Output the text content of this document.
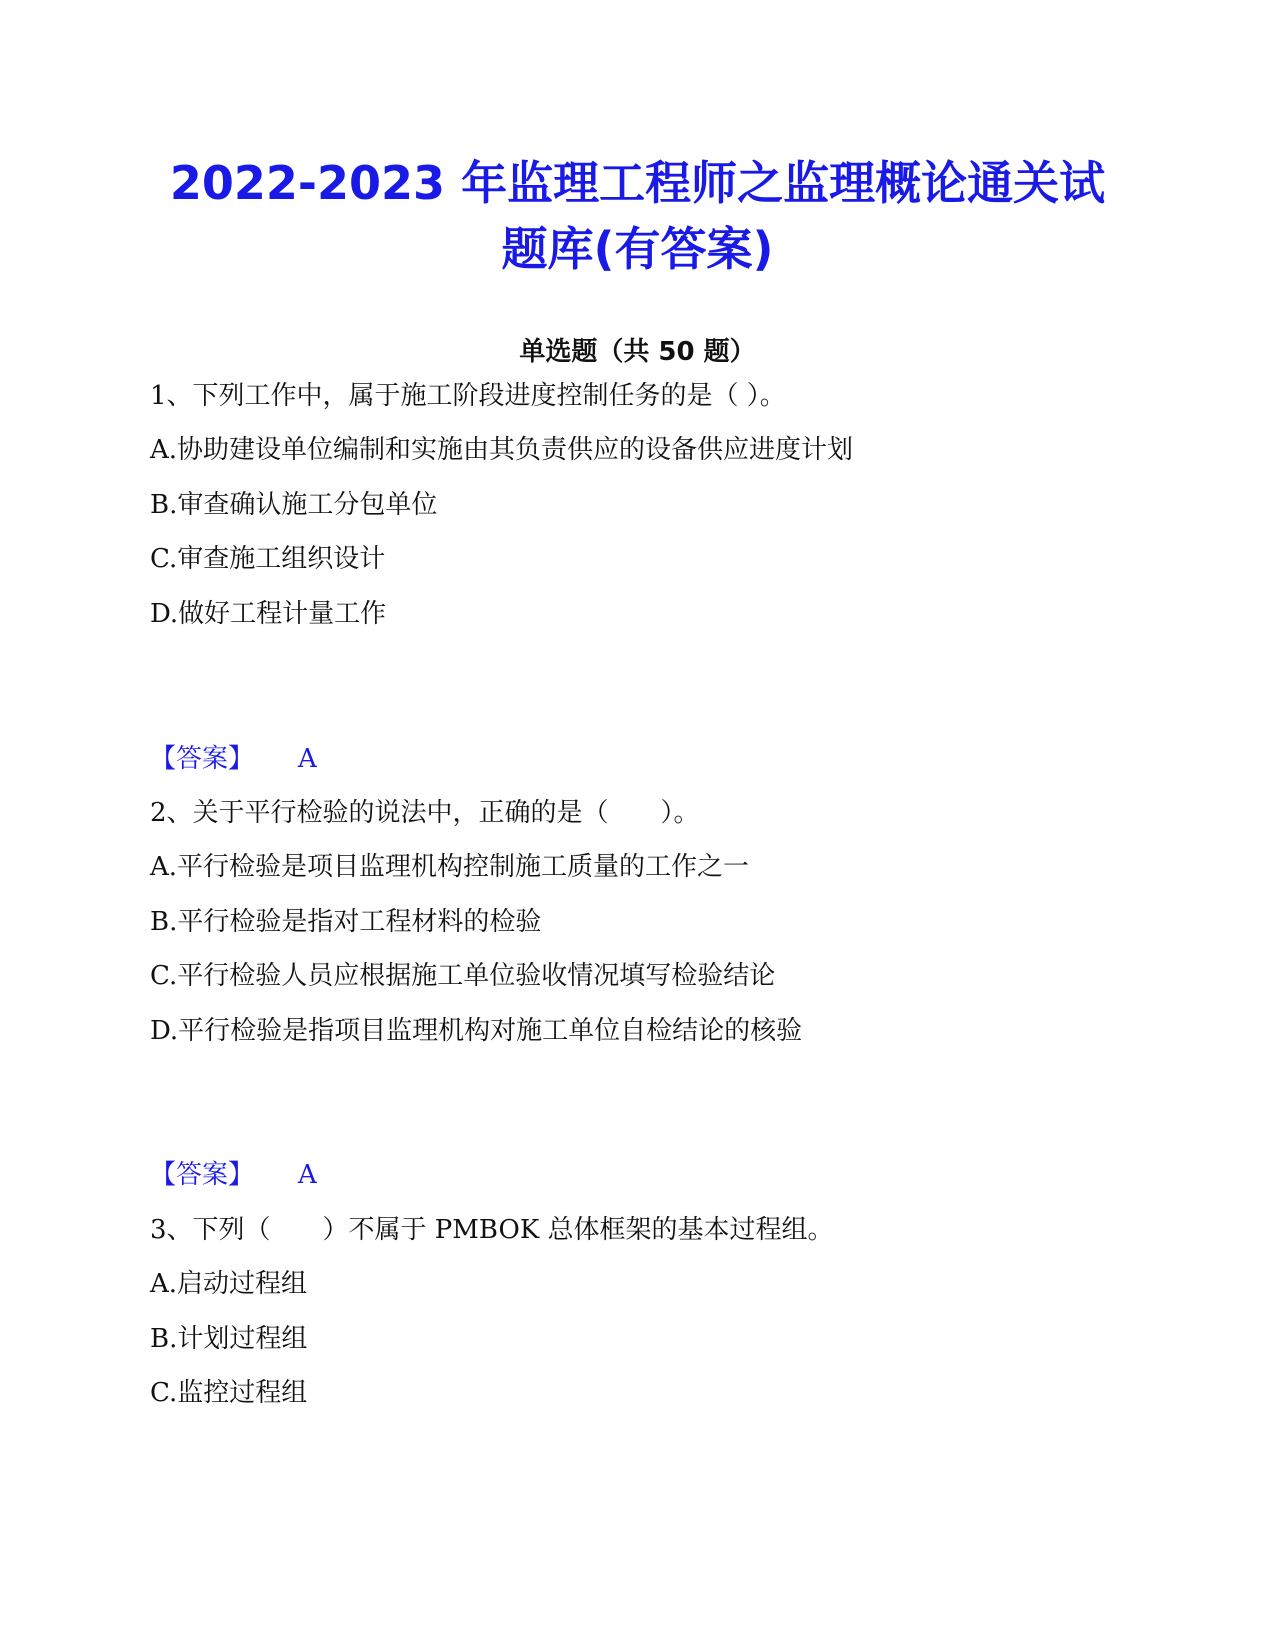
2022-2023 年监理工程师之监理概论通关试
题库(有答案)
单选题（共 50 题）
1、下列工作中，属于施工阶段进度控制任务的是（ ）。
A.协助建设单位编制和实施由其负责供应的设备供应进度计划
B.审查确认施工分包单位
C.审查施工组织设计
D.做好工程计量工作
【答案】 A
2、关于平行检验的说法中，正确的是（　　）。
A.平行检验是项目监理机构控制施工质量的工作之一
B.平行检验是指对工程材料的检验
C.平行检验人员应根据施工单位验收情况填写检验结论
D.平行检验是指项目监理机构对施工单位自检结论的核验
【答案】 A
3、下列（　　）不属于 PMBOK 总体框架的基本过程组。
A.启动过程组
B.计划过程组
C.监控过程组
